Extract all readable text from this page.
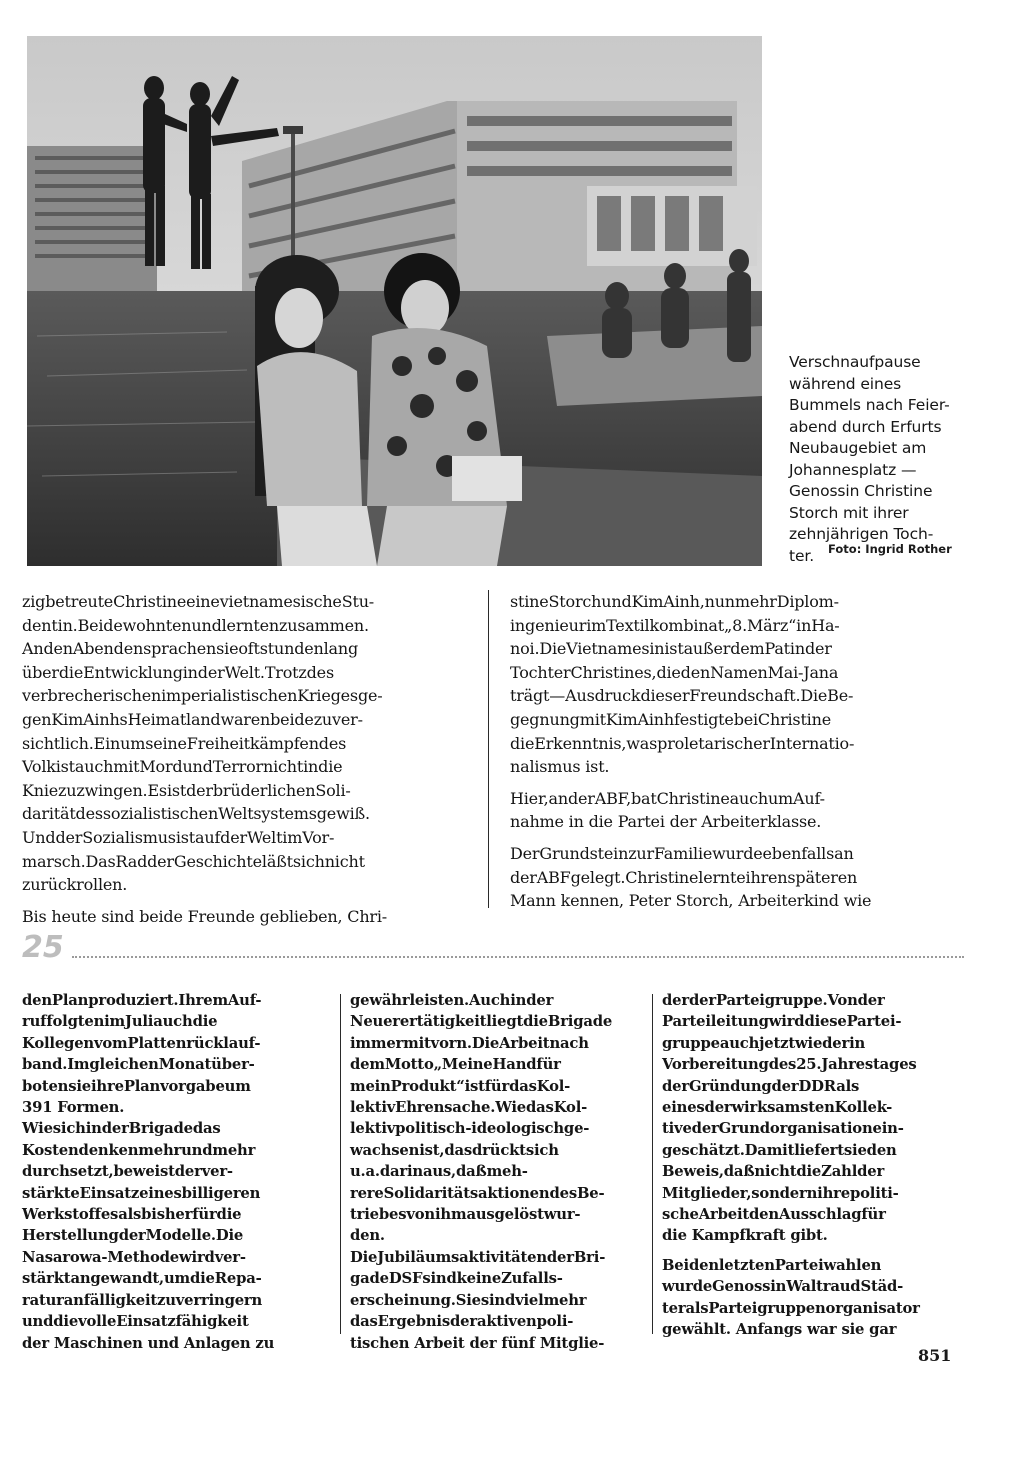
Verschnaufpause
während eines
Bummels nach Feier-
abend durch Erfurts
Neubaugebiet am
Johannesplatz —
Genossin Christine
Storch mit ihrer
zehnjährigen Toch-
ter.	Foto: Ingrid Rother
zigbetreuteChristineeinevietnamesischeStu-
dentin.Beidewohntenundlerntenzusammen.
AndenAbendensprachensieoftstundenlang
überdieEntwicklunginderWelt.Trotzdes
verbrecherischenimperialistischenKriegesge-
genKimAinhsHeimatlandwarenbeidezuver-
sichtlich.EinumseineFreiheitkämpfendes
VolkistauchmitMordundTerrornichtindie
Kniezuzwingen.EsistderbrüderlichenSoli-
daritätdessozialistischenWeltsystemsgewiß.
UndderSozialismusistaufderWeltimVor-
marsch.DasRadderGeschichteläßtsichnicht
zurückrollen.
Bis heute sind beide Freunde geblieben, Chri-
stineStorchundKimAinh,nunmehrDiplom-
ingenieurimTextilkombinat„8.März“inHa-
noi.DieVietnamesinistaußerdemPatinder
TochterChristines,diedenNamenMai-Jana
trägt—AusdruckdieserFreundschaft.DieBe-
gegnungmitKimAinhfestigtebeiChristine
dieErkenntnis,wasproletarischerInternatio-
nalismus ist.
Hier,anderABF,batChristineauchumAuf-
nahme in die Partei der Arbeiterklasse.
DerGrundsteinzurFamiliewurdeebenfallsan
derABFgelegt.Christinelernteihrenspäteren
Mann kennen, Peter Storch, Arbeiterkind wie
25
denPlanproduziert.IhremAuf-
ruffolgtenimJuliauchdie
KollegenvomPlattenrücklauf-
band.ImgleichenMonatüber-
botensieihrePlanvorgabeum
391 Formen.
WiesichinderBrigadedas
Kostendenkenmehrundmehr
durchsetzt,beweistderver-
stärkteEinsatzeinesbilligeren
Werkstoffesalsbisherfürdie
HerstellungderModelle.Die
Nasarowa-Methodewirdver-
stärktangewandt,umdieRepa-
raturanfälligkeitzuverringern
unddievolleEinsatzfähigkeit
der Maschinen und Anlagen zu
gewährleisten.Auchinder
NeuerertätigkeitliegtdieBrigade
immermitvorn.DieArbeitnach
demMotto„MeineHandfür
meinProdukt“istfürdasKol-
lektivEhrensache.WiedasKol-
lektivpolitisch-ideologischge-
wachsenist,dasdrücktsich
u.a.darinaus,daßmeh-
rereSolidaritätsaktionendesBe-
triebesvonihmausgelöstwur-
den.
DieJubiläumsaktivitätenderBri-
gadeDSFsindkeineZufalls-
erscheinung.Siesindvielmehr
dasErgebnisderaktivenpoli-
tischen Arbeit der fünf Mitglie-
derderParteigruppe.Vonder
ParteileitungwirddiesePartei-
gruppeauchjetztwiederin
Vorbereitungdes25.Jahrestages
derGründungderDDRals
einesderwirksamstenKollek-
tivederGrundorganisationein-
geschätzt.Damitliefertsieden
Beweis,daßnichtdieZahlder
Mitglieder,sondernihrepoliti-
scheArbeitdenAusschlagfür
die Kampfkraft gibt.
BeidenletztenParteiwahlen
wurdeGenossinWaltraudStäd-
teralsParteigruppenorganisator
gewählt. Anfangs war sie gar
851
